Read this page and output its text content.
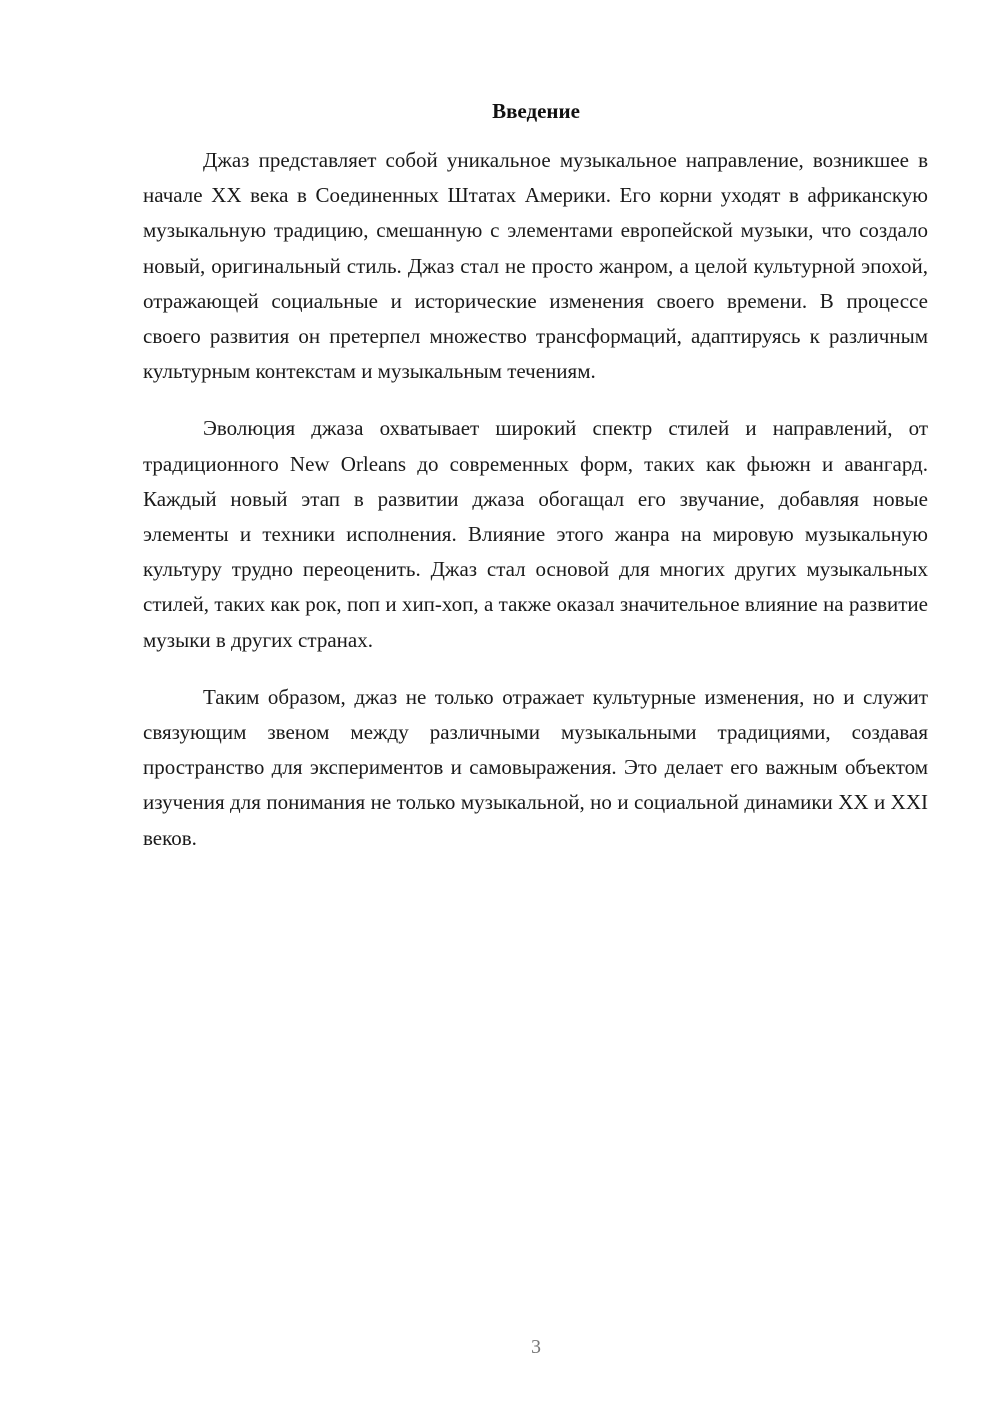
Введение

Джаз представляет собой уникальное музыкальное направление, возникшее в начале XX века в Соединенных Штатах Америки. Его корни уходят в африканскую музыкальную традицию, смешанную с элементами европейской музыки, что создало новый, оригинальный стиль. Джаз стал не просто жанром, а целой культурной эпохой, отражающей социальные и исторические изменения своего времени. В процессе своего развития он претерпел множество трансформаций, адаптируясь к различным культурным контекстам и музыкальным течениям.

Эволюция джаза охватывает широкий спектр стилей и направлений, от традиционного New Orleans до современных форм, таких как фьюжн и авангард. Каждый новый этап в развитии джаза обогащал его звучание, добавляя новые элементы и техники исполнения. Влияние этого жанра на мировую музыкальную культуру трудно переоценить. Джаз стал основой для многих других музыкальных стилей, таких как рок, поп и хип-хоп, а также оказал значительное влияние на развитие музыки в других странах.

Таким образом, джаз не только отражает культурные изменения, но и служит связующим звеном между различными музыкальными традициями, создавая пространство для экспериментов и самовыражения. Это делает его важным объектом изучения для понимания не только музыкальной, но и социальной динамики XX и XXI веков.

3
